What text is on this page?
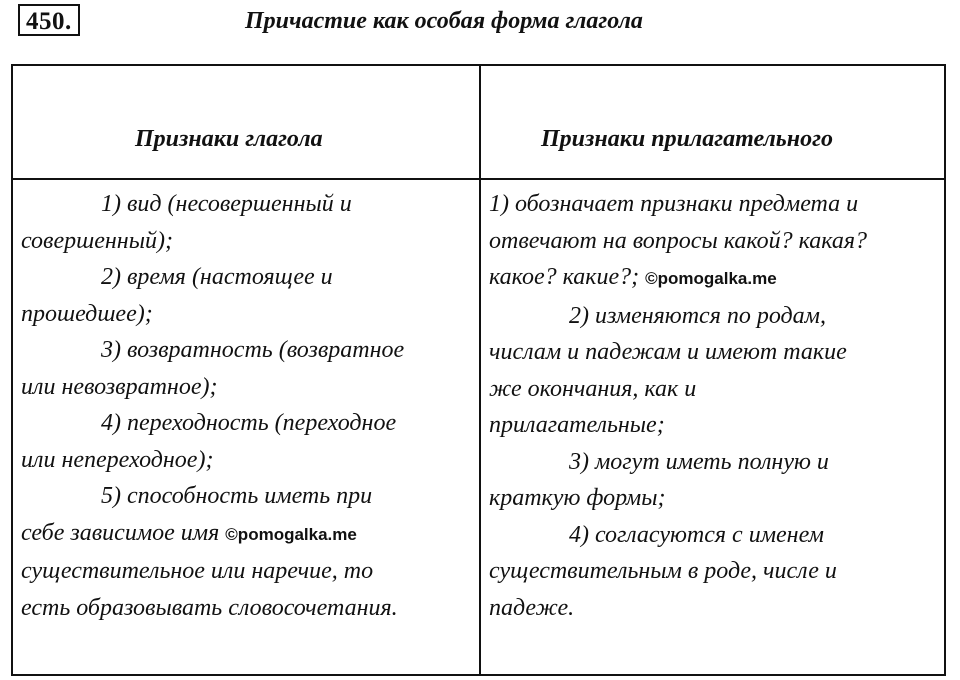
450.	Причастие как особая форма глагола
Признаки глагола	Признаки прилагательного
1) вид (несовершенный и
совершенный);
2) время (настоящее и
прошедшее);
3) возвратность (возвратное
или невозвратное);
4) переходность (переходное
или непереходное);
5) способность иметь при
себе зависимое имя ©pomogalka.me
существительное или наречие, то
есть образовывать словосочетания.
1) обозначает признаки предмета и
отвечают на вопросы какой? какая?
какое? какие?; ©pomogalka.me
2) изменяются по родам,
числам и падежам и имеют такие
же окончания, как и
прилагательные;
3) могут иметь полную и
краткую формы;
4) согласуются с именем
существительным в роде, числе и
падеже.
